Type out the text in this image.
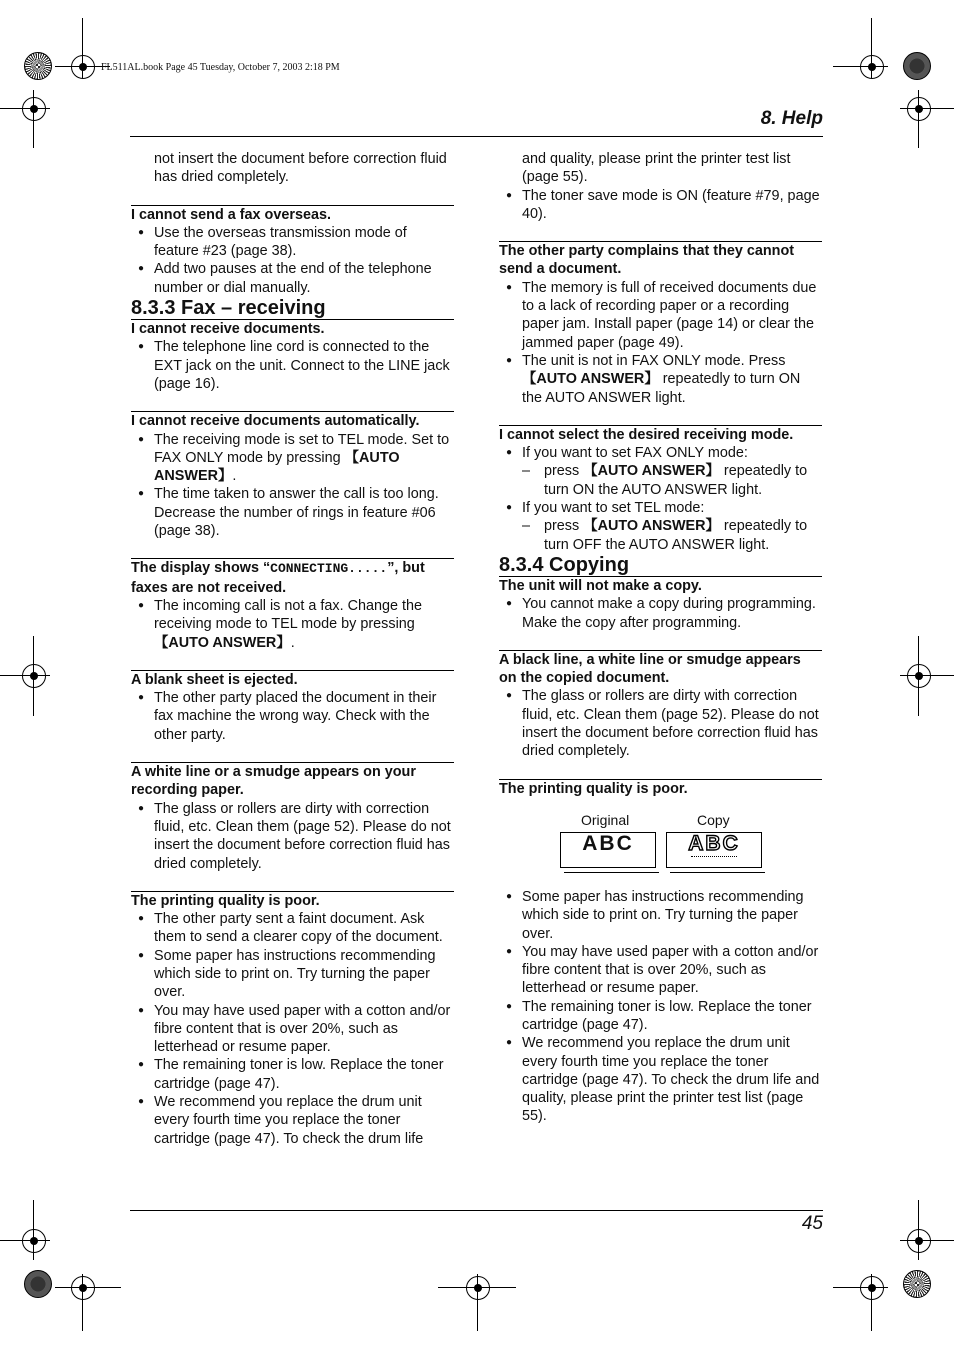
FL511AL.book Page 45 Tuesday, October 7, 2003 2:18 PM
8. Help

not insert the document before correction fluid has dried completely.

I cannot send a fax overseas.

● Use the overseas transmission mode of feature #23 (page 38).

● Add two pauses at the end of the telephone number or dial manually.

8.3.3 Fax – receiving

I cannot receive documents.

● The telephone line cord is connected to the EXT jack on the unit. Connect to the LINE jack (page 16).

I cannot receive documents automatically.

● The receiving mode is set to TEL mode. Set to FAX ONLY mode by pressing 【AUTO ANSWER】.

● The time taken to answer the call is too long. Decrease the number of rings in feature #06 (page 38).

The display shows “CONNECTING.....”, but faxes are not received.

● The incoming call is not a fax. Change the receiving mode to TEL mode by pressing 【AUTO ANSWER】.

A blank sheet is ejected.

● The other party placed the document in their fax machine the wrong way. Check with the other party.

A white line or a smudge appears on your recording paper.

● The glass or rollers are dirty with correction fluid, etc. Clean them (page 52). Please do not insert the document before correction fluid has dried completely.

The printing quality is poor.

● The other party sent a faint document. Ask them to send a clearer copy of the document.

● Some paper has instructions recommending which side to print on. Try turning the paper over.

● You may have used paper with a cotton and/or fibre content that is over 20%, such as letterhead or resume paper.

● The remaining toner is low. Replace the toner cartridge (page 47).

● We recommend you replace the drum unit every fourth time you replace the toner cartridge (page 47). To check the drum life

and quality, please print the printer test list (page 55).

● The toner save mode is ON (feature #79, page 40).

The other party complains that they cannot send a document.

● The memory is full of received documents due to a lack of recording paper or a recording paper jam. Install paper (page 14) or clear the jammed paper (page 49).

● The unit is not in FAX ONLY mode. Press 【AUTO ANSWER】 repeatedly to turn ON the AUTO ANSWER light.

I cannot select the desired receiving mode.

● If you want to set FAX ONLY mode:

– press 【AUTO ANSWER】 repeatedly to turn ON the AUTO ANSWER light.

● If you want to set TEL mode:

– press 【AUTO ANSWER】 repeatedly to turn OFF the AUTO ANSWER light.

8.3.4 Copying

The unit will not make a copy.

● You cannot make a copy during programming. Make the copy after programming.

A black line, a white line or smudge appears on the copied document.

● The glass or rollers are dirty with correction fluid, etc. Clean them (page 52). Please do not insert the document before correction fluid has dried completely.

The printing quality is poor.

Original	Copy
ABC	ABC

● Some paper has instructions recommending which side to print on. Try turning the paper over.

● You may have used paper with a cotton and/or fibre content that is over 20%, such as letterhead or resume paper.

● The remaining toner is low. Replace the toner cartridge (page 47).

● We recommend you replace the drum unit every fourth time you replace the toner cartridge (page 47). To check the drum life and quality, please print the printer test list (page 55).

45
